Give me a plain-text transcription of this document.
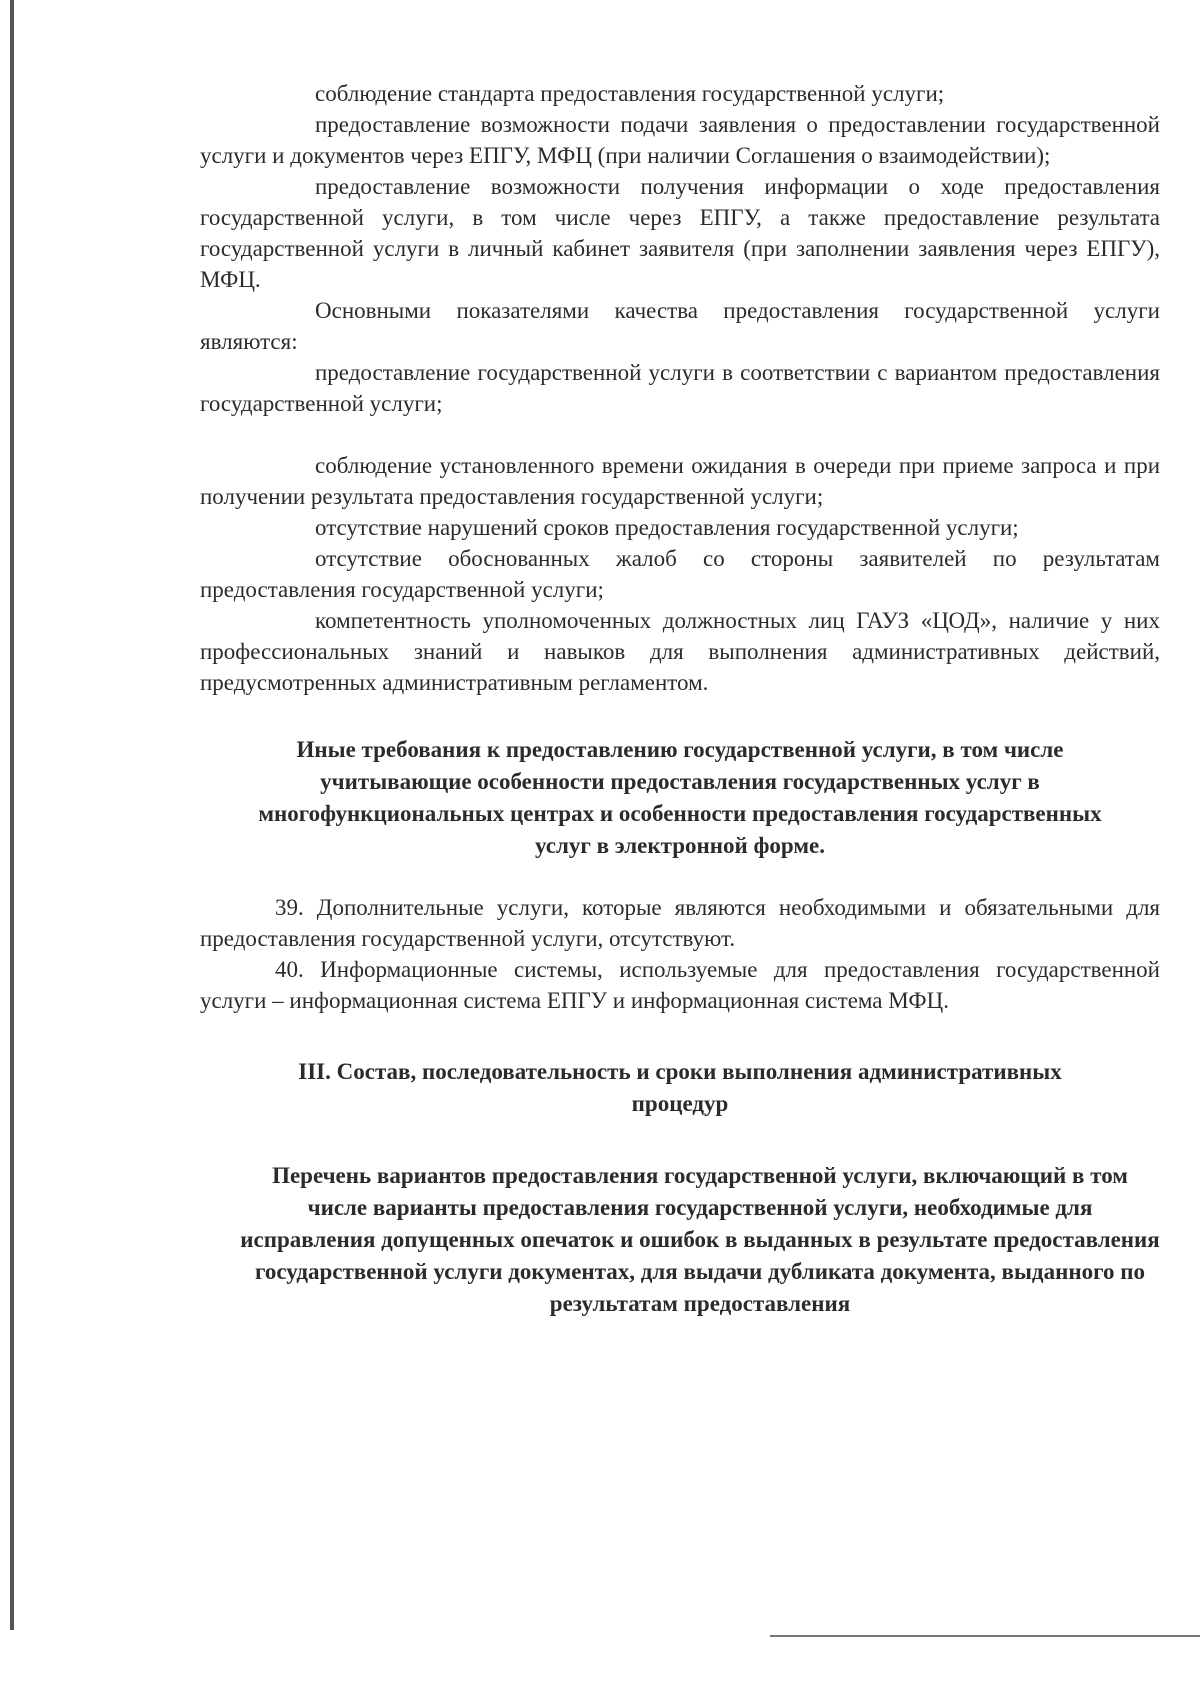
соблюдение стандарта предоставления государственной услуги;

предоставление возможности подачи заявления о предоставлении государственной услуги и документов через ЕПГУ, МФЦ (при наличии Соглашения о взаимодействии);

предоставление возможности получения информации о ходе предоставления государственной услуги, в том числе через ЕПГУ, а также предоставление результата государственной услуги в личный кабинет заявителя (при заполнении заявления через ЕПГУ), МФЦ.

Основными показателями качества предоставления государственной услуги являются:

предоставление государственной услуги в соответствии с вариантом предоставления государственной услуги;

соблюдение установленного времени ожидания в очереди при приеме запроса и при получении результата предоставления государственной услуги;

отсутствие нарушений сроков предоставления государственной услуги;

отсутствие обоснованных жалоб со стороны заявителей по результатам предоставления государственной услуги;

компетентность уполномоченных должностных лиц ГАУЗ «ЦОД», наличие у них профессиональных знаний и навыков для выполнения административных действий, предусмотренных административным регламентом.

Иные требования к предоставлению государственной услуги, в том числе учитывающие особенности предоставления государственных услуг в многофункциональных центрах и особенности предоставления государственных услуг в электронной форме.

39. Дополнительные услуги, которые являются необходимыми и обязательными для предоставления государственной услуги, отсутствуют.

40. Информационные системы, используемые для предоставления государственной услуги – информационная система ЕПГУ и информационная система МФЦ.

III. Состав, последовательность и сроки выполнения административных процедур

Перечень вариантов предоставления государственной услуги, включающий в том числе варианты предоставления государственной услуги, необходимые для исправления допущенных опечаток и ошибок в выданных в результате предоставления государственной услуги документах, для выдачи дубликата документа, выданного по результатам предоставления
